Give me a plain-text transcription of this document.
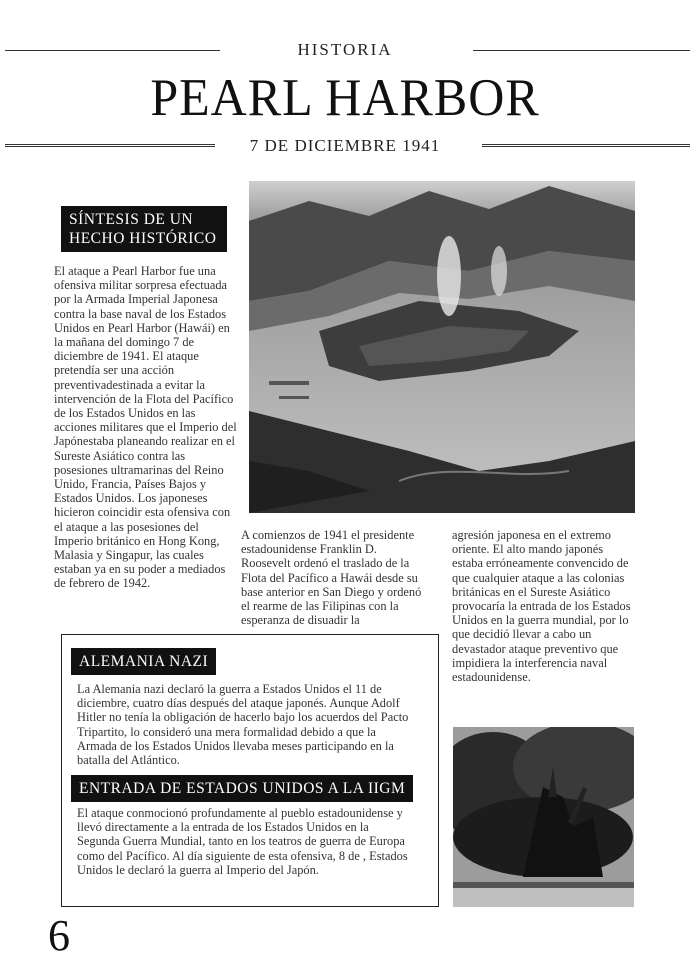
HISTORIA
PEARL HARBOR
7 DE DICIEMBRE 1941
SÍNTESIS DE UN
HECHO HISTÓRICO
El ataque a Pearl Harbor fue una ofensiva militar sorpresa efectuada por la Armada Imperial Japonesa contra la base naval de los Estados Unidos en Pearl Harbor (Hawái) en la mañana del domingo 7 de diciembre de 1941. El ataque pretendía ser una acción preventivadestinada a evitar la intervención de la Flota del Pacífico de los Estados Unidos en las acciones militares que el Imperio del Japónestaba planeando realizar en el Sureste Asiático contra las posesiones ultramarinas del Reino Unido, Francia, Países Bajos y Estados Unidos. Los japoneses hicieron coincidir esta ofensiva con el ataque a las posesiones del Imperio británico en Hong Kong, Malasia y Singapur, las cuales estaban ya en su poder a mediados de febrero de 1942.
A comienzos de 1941 el presidente estadounidense Franklin D. Roosevelt ordenó el traslado de la Flota del Pacífico a Hawái desde su base anterior en San Diego y ordenó el rearme de las Filipinas con la esperanza de disuadir la
agresión japonesa en el extremo oriente. El alto mando japonés estaba erróneamente convencido de que cualquier ataque a las colonias británicas en el Sureste Asiático provocaría la entrada de los Estados Unidos en la guerra mundial, por lo que decidió llevar a cabo un devastador ataque preventivo que impidiera la interferencia naval estadounidense.
ALEMANIA NAZI
La Alemania nazi declaró la guerra a Estados Unidos el 11 de diciembre, cuatro días después del ataque japonés. Aunque Adolf Hitler no tenía la obligación de hacerlo bajo los acuerdos del Pacto Tripartito, lo consideró una mera formalidad debido a que la Armada de los Estados Unidos llevaba meses participando en la batalla del Atlántico.
ENTRADA DE ESTADOS UNIDOS A LA IIGM
El ataque conmocionó profundamente al pueblo estadounidense y llevó directamente a la entrada de los Estados Unidos en la Segunda Guerra Mundial, tanto en los teatros de guerra de Europa como del Pacífico. Al día siguiente de esta ofensiva, 8 de , Estados Unidos le declaró la guerra al Imperio del Japón.
6
